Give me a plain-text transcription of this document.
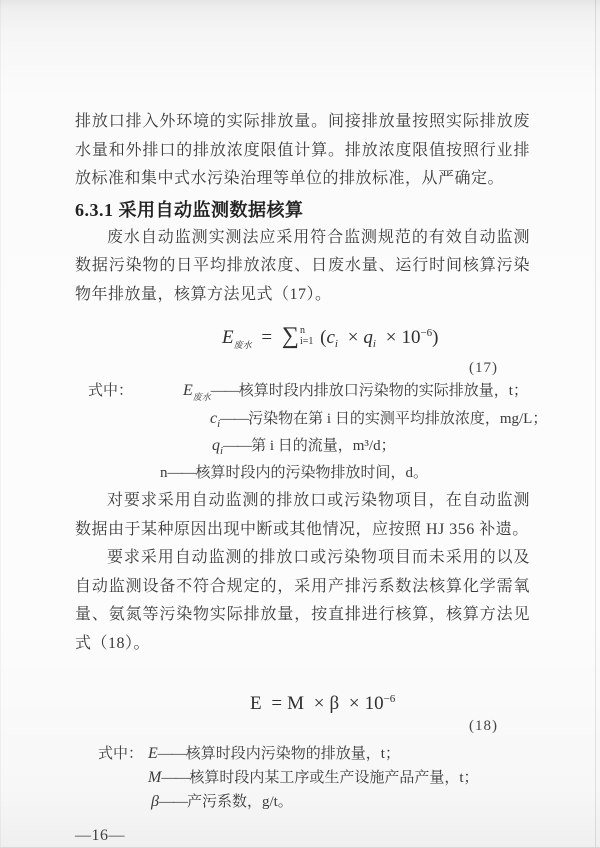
排放口排入外环境的实际排放量。间接排放量按照实际排放废水量和外排口的排放浓度限值计算。排放浓度限值按照行业排放标准和集中式水污染治理等单位的排放标准，从严确定。

6.3.1 采用自动监测数据核算

废水自动监测实测法应采用符合监测规范的有效自动监测数据污染物的日平均排放浓度、日废水量、运行时间核算污染物年排放量，核算方法见式（17）。

$E_{废水}$ = ∑ n
i=1 $(c_i \times q_i \times 10^{-6})$
(17)
式中：	$E_{废水}——$核算时段内排放口污染物的实际排放量，t；
$c_i——$污染物在第 i 日的实测平均排放浓度，mg/L；
$q_i——$第 i 日的流量，m³/d；
n——核算时段内的污染物排放时间，d。

对要求采用自动监测的排放口或污染物项目，在自动监测数据由于某种原因出现中断或其他情况，应按照 HJ 356 补遗。

要求采用自动监测的排放口或污染物项目而未采用的以及自动监测设备不符合规定的，采用产排污系数法核算化学需氧量、氨氮等污染物实际排放量，按直排进行核算，核算方法见式（18）。

$E = M \times \beta \times 10^{-6}$
(18)
式中： E——核算时段内污染物的排放量，t；
M——核算时段内某工序或生产设施产品产量，t；
β——产污系数，g/t。
—16—
